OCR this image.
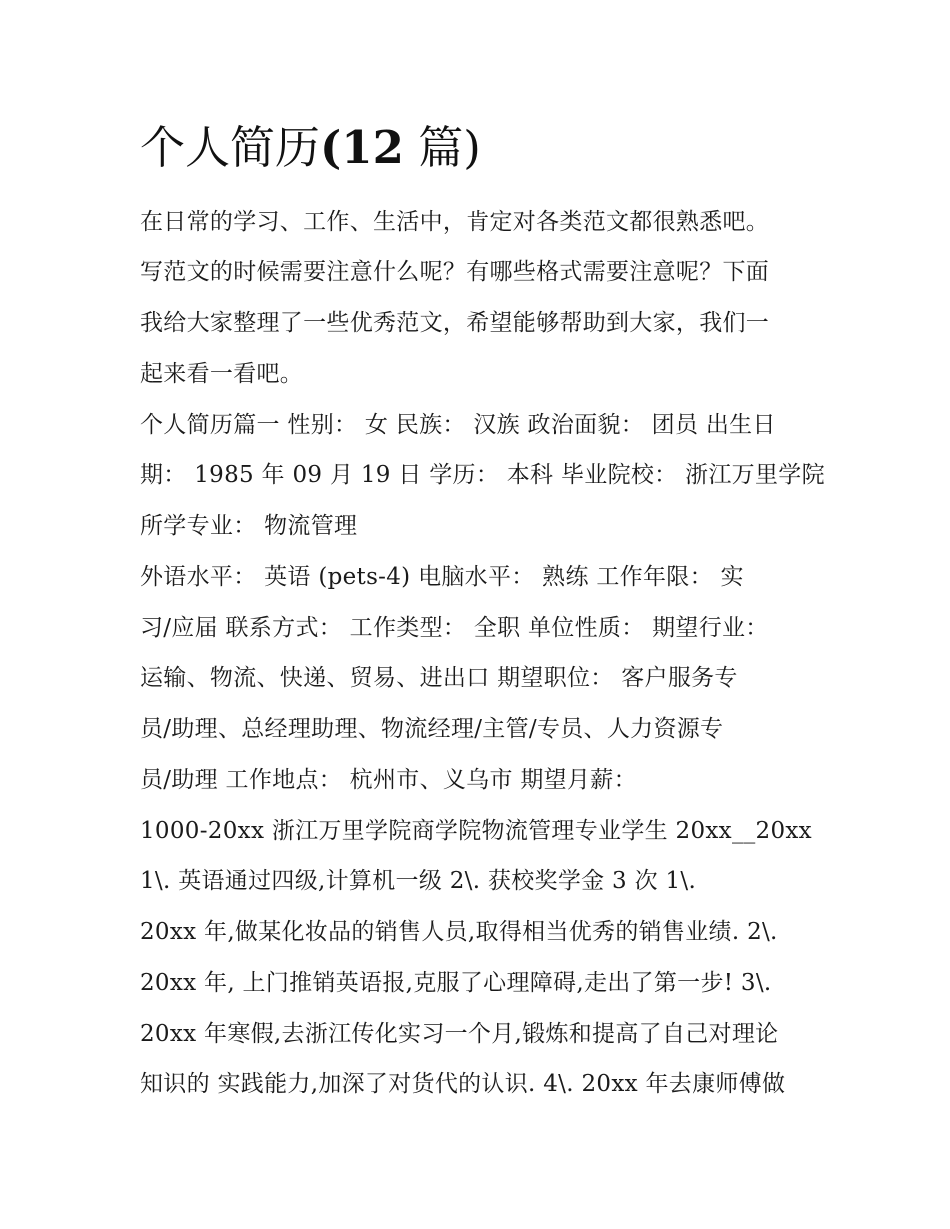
个人简历(12 篇)

在日常的学习、工作、生活中，肯定对各类范文都很熟悉吧。

写范文的时候需要注意什么呢？有哪些格式需要注意呢？下面

我给大家整理了一些优秀范文，希望能够帮助到大家，我们一

起来看一看吧。

个人简历篇一 性别： 女 民族： 汉族 政治面貌： 团员 出生日

期： 1985 年 09 月 19 日 学历： 本科 毕业院校： 浙江万里学院

所学专业： 物流管理

外语水平： 英语 (pets-4) 电脑水平： 熟练 工作年限： 实

习/应届 联系方式： 工作类型： 全职 单位性质： 期望行业：

运输、物流、快递、贸易、进出口 期望职位： 客户服务专

员/助理、总经理助理、物流经理/主管/专员、人力资源专

员/助理 工作地点： 杭州市、义乌市 期望月薪：

1000-20xx 浙江万里学院商学院物流管理专业学生 20xx__20xx

1\. 英语通过四级,计算机一级 2\. 获校奖学金 3 次 1\.

20xx 年,做某化妆品的销售人员,取得相当优秀的销售业绩. 2\.

20xx 年, 上门推销英语报,克服了心理障碍,走出了第一步! 3\.

20xx 年寒假,去浙江传化实习一个月,锻炼和提高了自己对理论

知识的 实践能力,加深了对货代的认识. 4\. 20xx 年去康师傅做
